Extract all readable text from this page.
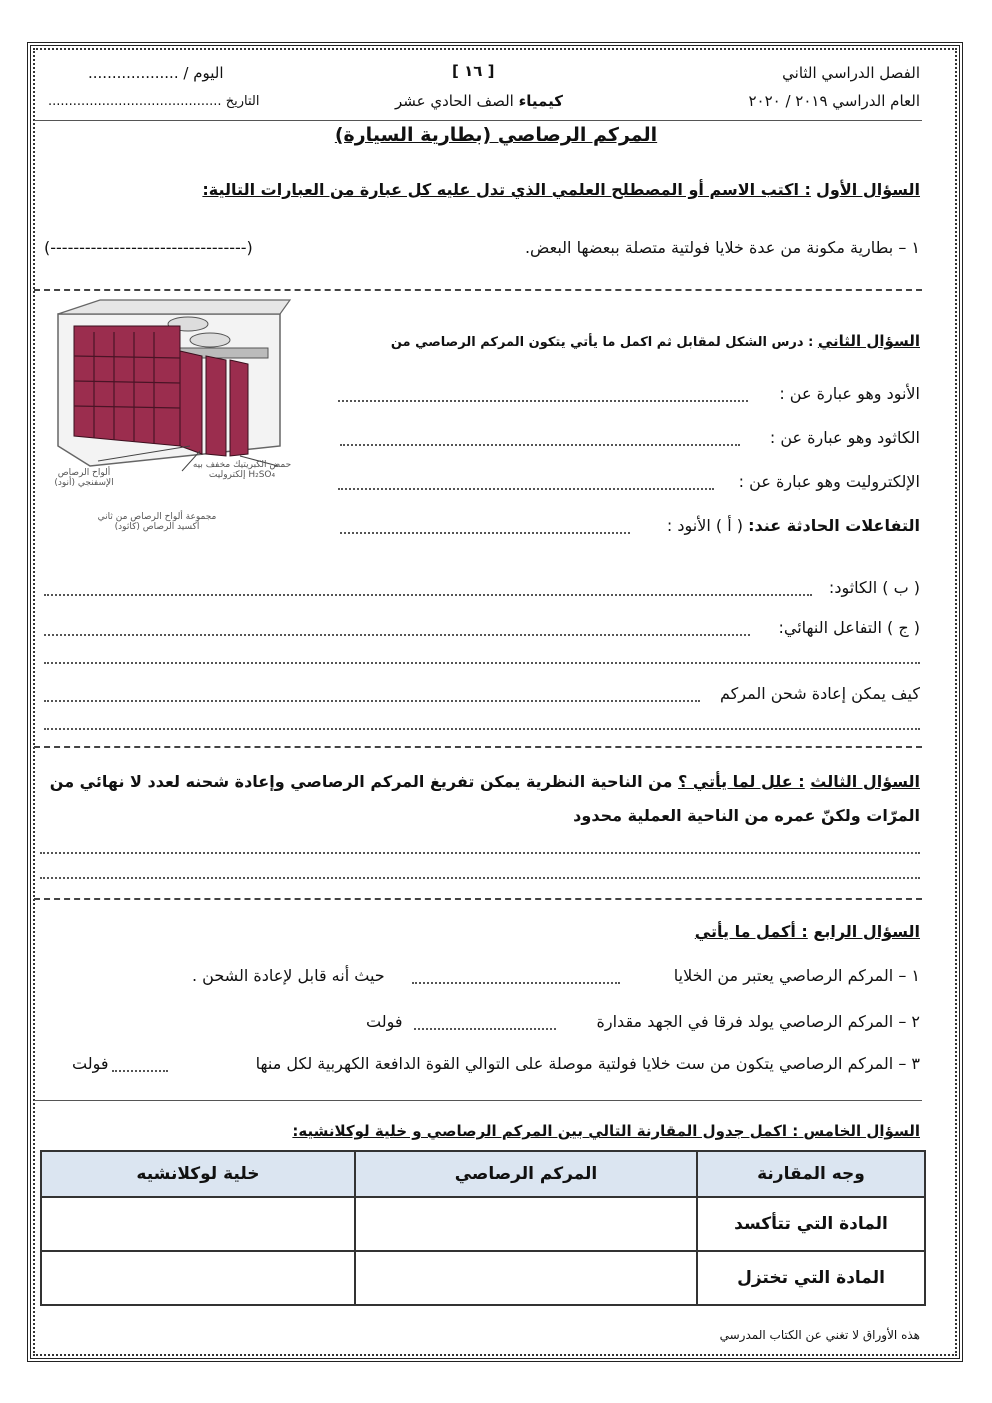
الفصل الدراسي الثاني
العام الدراسي ٢٠١٩ / ٢٠٢٠
[ ١٦ ]
كيمياء الصف الحادي عشر
اليوم / ...................
التاريخ ..........................................
المركم الرصاصي (بطارية السيارة)
السؤال الأول : اكتب الاسم أو المصطلح العلمي الذي تدل عليه كل عبارة من العبارات التالية:
١ – بطارية مكونة من عدة خلايا فولتية متصلة ببعضها البعض.
(----------------------------------)
ألواح الرصاص الإسفنجي (أنود)
حمض الكبريتيك مخفف بيه H₂SO₄ إلكتروليت
مجموعة ألواح الرصاص من ثاني أكسيد الرصاص (كاثود)
السؤال الثاني : درس الشكل لمقابل ثم اكمل ما يأتي يتكون المركم الرصاصي من
الأنود وهو عبارة عن :
الكاثود وهو عبارة عن :
الإلكتروليت وهو عبارة عن :
التفاعلات الحادثة عند: ( أ ) الأنود :
( ب ) الكاثود:
( ج ) التفاعل النهائي:
كيف يمكن إعادة شحن المركم
السؤال الثالث : علل لما يأتي ؟ من الناحية النظرية يمكن تفريغ المركم الرصاصي وإعادة شحنه لعدد لا نهائي من
المرّات ولكنّ عمره من الناحية العملية محدود
السؤال الرابع : أكمل ما يأتي
١ – المركم الرصاصي يعتبر من الخلايا
حيث أنه قابل لإعادة الشحن .
٢ – المركم الرصاصي يولد فرقا في الجهد مقدارة
فولت
٣ – المركم الرصاصي يتكون من ست خلايا فولتية موصلة على التوالي القوة الدافعة الكهربية لكل منها
فولت
السؤال الخامس : اكمل جدول المقارنة التالي بين المركم الرصاصي و خلية لوكلانشيه:
وجه المقارنة	المركم الرصاصي	خلية لوكلانشيه
المادة التي تتأكسد		
المادة التي تختزل		
هذه الأوراق لا تغني عن الكتاب المدرسي
